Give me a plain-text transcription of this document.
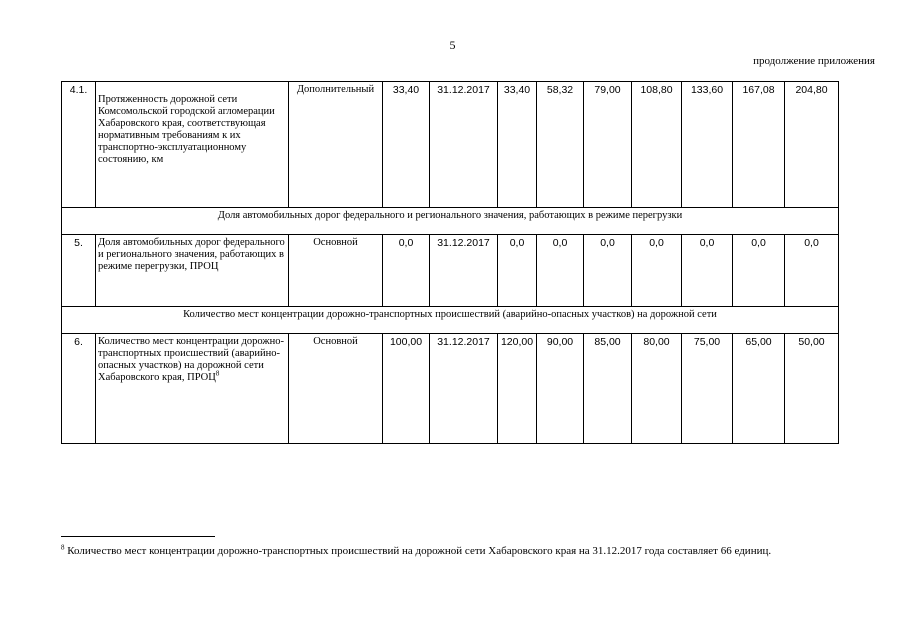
5
продолжение приложения
4.1.	Протяженность дорожной сети Комсомольской городской агломерации Хабаровского края, соответствующая нормативным требованиям к их транспортно-эксплуатационному состоянию, км	Дополнительный	33,40	31.12.2017	33,40	58,32	79,00	108,80	133,60	167,08	204,80
Доля автомобильных дорог федерального и регионального значения, работающих в режиме перегрузки											
5.	Доля автомобильных дорог федерального и регионального значения, работающих в режиме перегрузки, ПРОЦ	Основной	0,0	31.12.2017	0,0	0,0	0,0	0,0	0,0	0,0	0,0
Количество мест концентрации дорожно-транспортных происшествий (аварийно-опасных участков) на дорожной сети											
6.	Количество мест концентрации дорожно-транспортных происшествий (аварийно-опасных участков) на дорожной сети Хабаровского края, ПРОЦ$^8$	Основной	100,00	31.12.2017	120,00	90,00	85,00	80,00	75,00	65,00	50,00
$^8$ Количество мест концентрации дорожно-транспортных происшествий на дорожной сети Хабаровского края на 31.12.2017 года составляет 66 единиц.
